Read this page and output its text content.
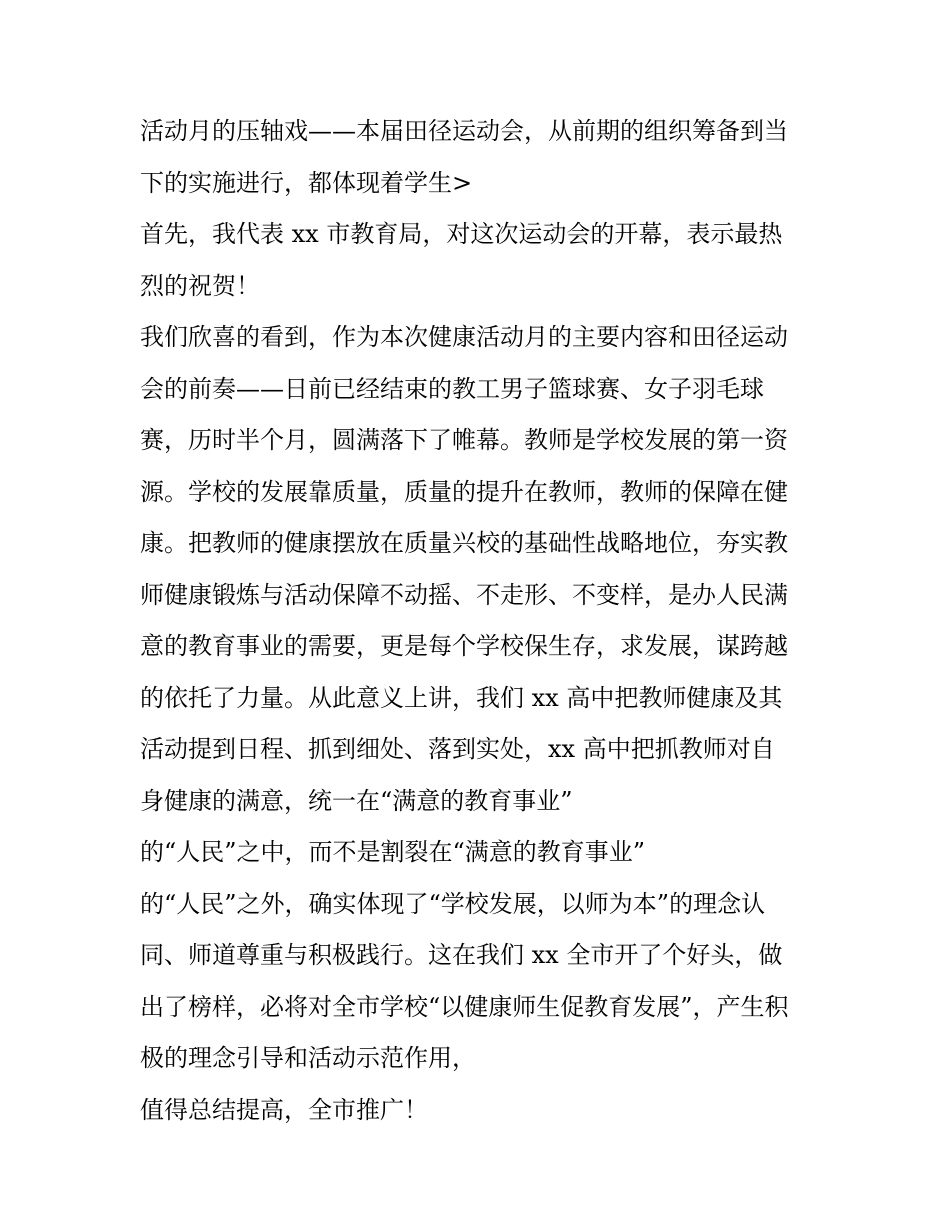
活动月的压轴戏——本届田径运动会，从前期的组织筹备到当
下的实施进行，都体现着学生>
首先，我代表 xx 市教育局，对这次运动会的开幕，表示最热
烈的祝贺！
我们欣喜的看到，作为本次健康活动月的主要内容和田径运动
会的前奏——日前已经结束的教工男子篮球赛、女子羽毛球
赛，历时半个月，圆满落下了帷幕。教师是学校发展的第一资
源。学校的发展靠质量，质量的提升在教师，教师的保障在健
康。把教师的健康摆放在质量兴校的基础性战略地位，夯实教
师健康锻炼与活动保障不动摇、不走形、不变样，是办人民满
意的教育事业的需要，更是每个学校保生存，求发展，谋跨越
的依托了力量。从此意义上讲，我们 xx 高中把教师健康及其
活动提到日程、抓到细处、落到实处，xx 高中把抓教师对自
身健康的满意，统一在“满意的教育事业”
的“人民”之中，而不是割裂在“满意的教育事业”
的“人民”之外，确实体现了“学校发展，以师为本”的理念认
同、师道尊重与积极践行。这在我们 xx 全市开了个好头，做
出了榜样，必将对全市学校“以健康师生促教育发展”，产生积
极的理念引导和活动示范作用，
值得总结提高，全市推广！
